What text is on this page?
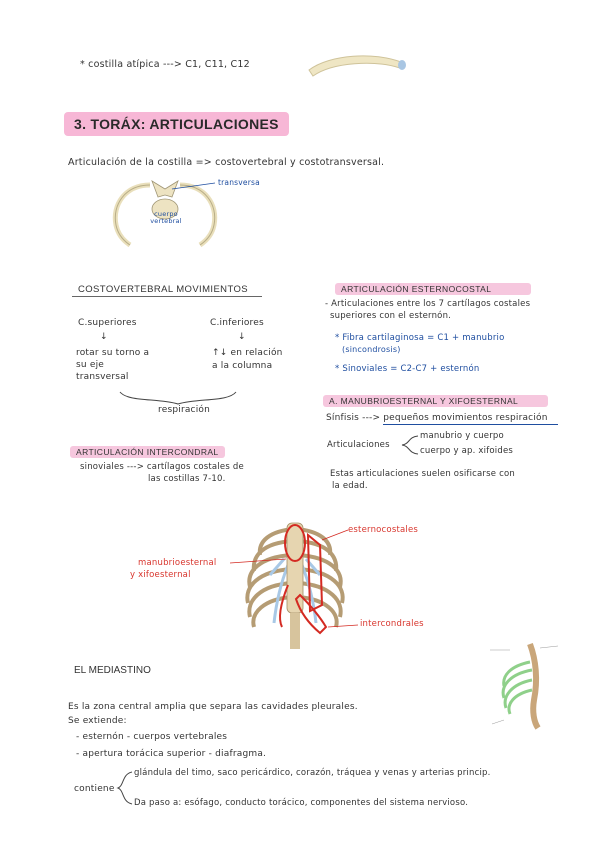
* costilla atípica ---> C1, C11, C12
3. TORÁX: ARTICULACIONES
Articulación de la costilla => costovertebral y costotransversal.
transversa
cuerpo vertebral
COSTOVERTEBRAL MOVIMIENTOS
C.superiores	C.inferiores
↓	↓
rotar su torno a
su eje
transversal
↑↓ en relación
a la columna
respiración
ARTICULACIÓN INTERCONDRAL
sinoviales ---> cartílagos costales de
las costillas 7-10.
ARTICULACIÓN ESTERNOCOSTAL
- Articulaciones entre los 7 cartílagos costales
superiores con el esternón.
* Fibra cartilaginosa = C1 + manubrio
(sincondrosis)
* Sinoviales = C2-C7 + esternón
A. MANUBRIOESTERNAL Y XIFOESTERNAL
Sínfisis ---> pequeños movimientos respiración
Articulaciones
manubrio y cuerpo
cuerpo y ap. xifoides
Estas articulaciones suelen osificarse con
la edad.
esternocostales
manubrioesternal
y xifoesternal
intercondrales
EL MEDIASTINO
Es la zona central amplia que separa las cavidades pleurales.
Se extiende:
- esternón - cuerpos vertebrales
- apertura torácica superior - diafragma.
contiene
glándula del timo, saco pericárdico, corazón, tráquea y venas y arterias princip.
Da paso a: esófago, conducto torácico, componentes del sistema nervioso.
